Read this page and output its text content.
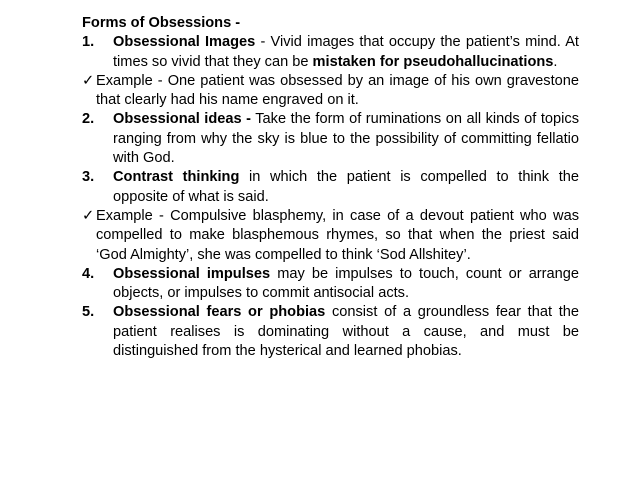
Forms of Obsessions -

1.	Obsessional Images - Vivid images that occupy the patient’s mind. At times so vivid that they can be mistaken for pseudohallucinations.
✓ Example - One patient was obsessed by an image of his own gravestone that clearly had his name engraved on it.
2.	Obsessional ideas - Take the form of ruminations on all kinds of topics ranging from why the sky is blue to the possibility of committing fellatio with God.
3.	Contrast thinking in which the patient is compelled to think the opposite of what is said.
✓ Example - Compulsive blasphemy, in case of a devout patient who was compelled to make blasphemous rhymes, so that when the priest said ‘God Almighty’, she was compelled to think ‘Sod Allshitey’.
4.	Obsessional impulses may be impulses to touch, count or arrange objects, or impulses to commit antisocial acts.
5.	Obsessional fears or phobias consist of a groundless fear that the patient realises is dominating without a cause, and must be distinguished from the hysterical and learned phobias.
